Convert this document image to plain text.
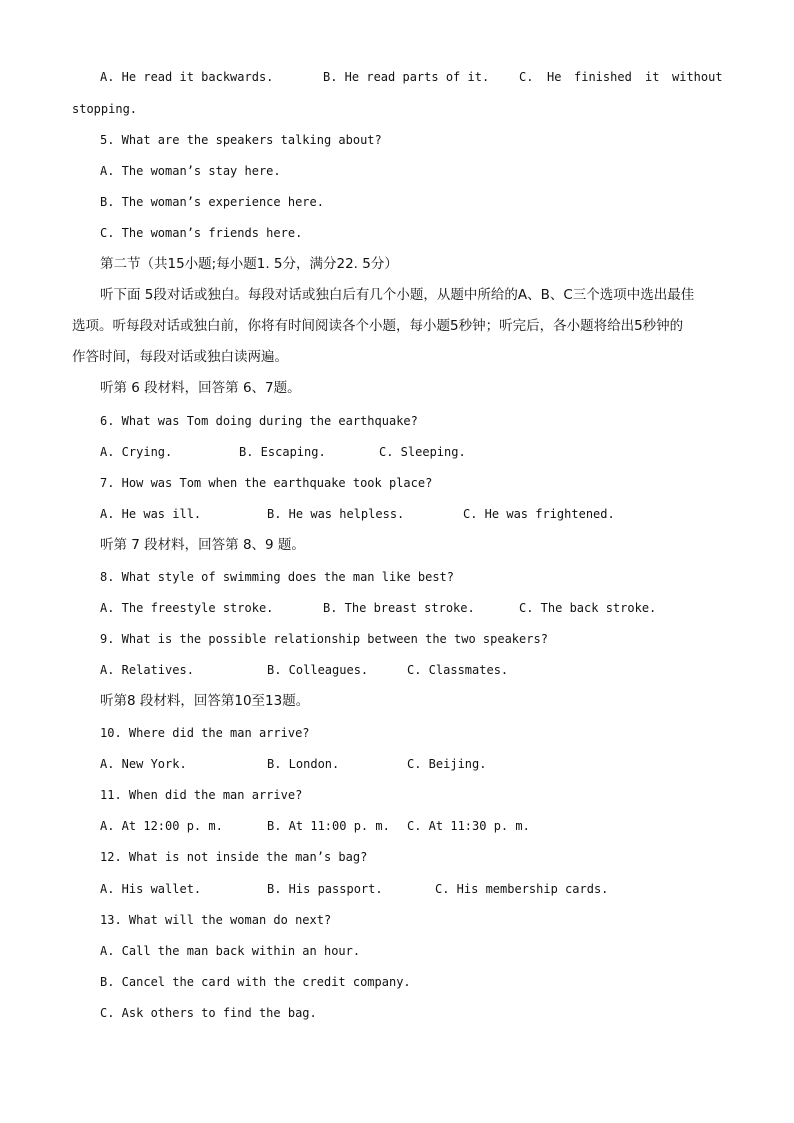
A. He read it backwards.	B. He read parts of it. C. He finished it without
stopping.
5. What are the speakers talking about?
A. The woman’s stay here.
B. The woman’s experience here.
C. The woman’s friends here.
第二节（共15小题;每小题1. 5分，满分22. 5分）
听下面 5段对话或独白。每段对话或独白后有几个小题，从题中所给的A、B、C三个选项中选出最佳
选项。听每段对话或独白前，你将有时间阅读各个小题，每小题5秒钟；听完后，各小题将给出5秒钟的
作答时间，每段对话或独白读两遍。
听第 6 段材料，回答第 6、7题。
6. What was Tom doing during the earthquake?
A. Crying.	B. Escaping.	C. Sleeping.
7. How was Tom when the earthquake took place?
A. He was ill.	B. He was helpless.	C. He was frightened.
听第 7 段材料，回答第 8、9 题。
8. What style of swimming does the man like best?
A. The freestyle stroke.	B. The breast stroke.	C. The back stroke.
9. What is the possible relationship between the two speakers?
A. Relatives.	B. Colleagues.	C. Classmates.
听第8 段材料，回答第10至13题。
10. Where did the man arrive?
A. New York.	B. London.	C. Beijing.
11. When did the man arrive?
A. At 12:00 p. m.	B. At 11:00 p. m. C. At 11:30 p. m.
12. What is not inside the man’s bag?
A. His wallet.	B. His passport.	C. His membership cards.
13. What will the woman do next?
A. Call the man back within an hour.
B. Cancel the card with the credit company.
C. Ask others to find the bag.
